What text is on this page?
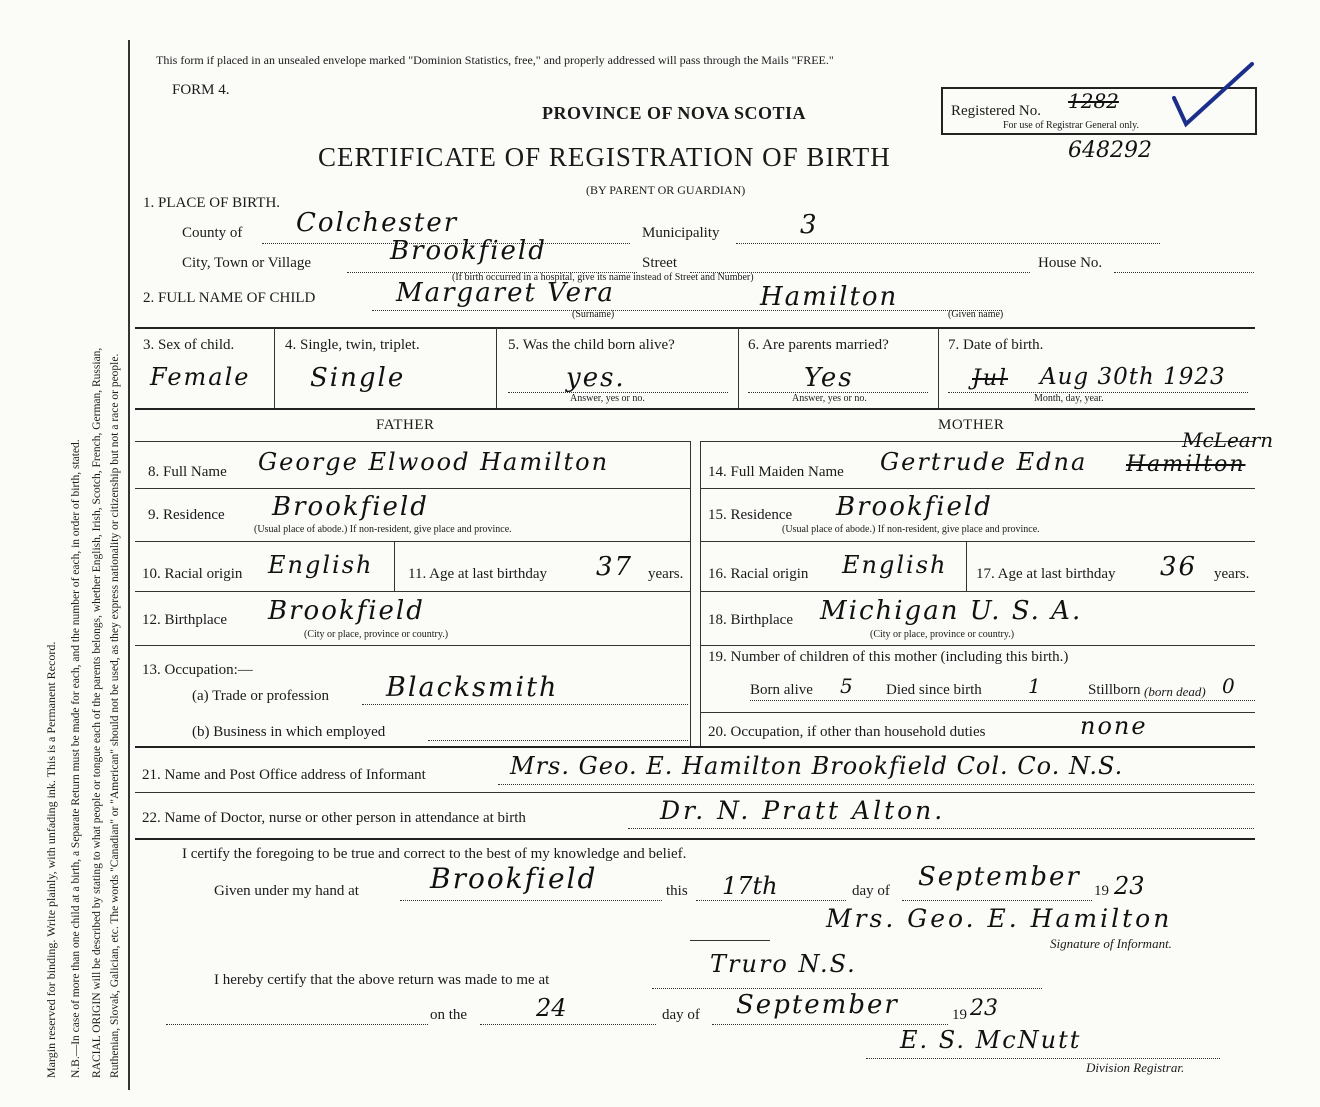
Margin reserved for binding. Write plainly, with unfading ink. This is a Permanent Record. N.B.—In case of more than one child at a birth, a Separate Return must be made for each, and the number of each, in order of birth, stated. RACIAL ORIGIN will be described by stating to what people or tongue each of the parents belongs, whether English, Irish, Scotch, French, German, Russian, Ruthenian, Slovak, Galician, etc. The words "Canadian" or "American" should not be used, as they express nationality or citizenship but not a race or people.
This form if placed in an unsealed envelope marked "Dominion Statistics, free," and properly addressed will pass through the Mails "FREE."
FORM 4.
PROVINCE OF NOVA SCOTIA
CERTIFICATE OF REGISTRATION OF BIRTH
(BY PARENT OR GUARDIAN)
Registered No. 1282
For use of Registrar General only.
648292
1. PLACE OF BIRTH.
County of Colchester	Municipality	3
City, Town or Village	Brookfield
(If birth occurred in a hospital, give its name instead of Street and Number)
Street	House No.
2. FULL NAME OF CHILD	Margaret Vera	Hamilton
(Surname)	(Given name)
3. Sex of child.
Female
4. Single, twin, triplet.
Single
5. Was the child born alive?
yes.
Answer, yes or no.
6. Are parents married?
Yes
Answer, yes or no.
7. Date of birth.
Jul Aug 30th 1923
Month, day, year.
FATHER	MOTHER
8. Full Name George Elwood Hamilton
9. Residence Brookfield
(Usual place of abode.) If non-resident, give place and province.
10. Racial origin English 11. Age at last birthday 37 years.
12. Birthplace Brookfield
(City or place, province or country.)
13. Occupation:—
(a) Trade or profession Blacksmith
(b) Business in which employed
14. Full Maiden Name Gertrude Edna Hamilton
McLearn
15. Residence Brookfield
(Usual place of abode.) If non-resident, give place and province.
16. Racial origin English 17. Age at last birthday 36 years.
18. Birthplace Michigan U. S. A.
(City or place, province or country.)
19. Number of children of this mother (including this birth.)
Born alive 5 Died since birth 1	Stillborn (born dead) 0
20. Occupation, if other than household duties	none
21. Name and Post Office address of Informant	Mrs. Geo. E. Hamilton Brookfield Col. Co. N.S.
22. Name of Doctor, nurse or other person in attendance at birth	Dr. N. Pratt Alton.
I certify the foregoing to be true and correct to the best of my knowledge and belief.
Given under my hand at	Brookfield	this 17th	day of September 19 23
Mrs. Geo. E. Hamilton
Signature of Informant.
I hereby certify that the above return was made to me at
Truro N.S.
on the	24	day of September	19 23
E. S. McNutt
Division Registrar.
